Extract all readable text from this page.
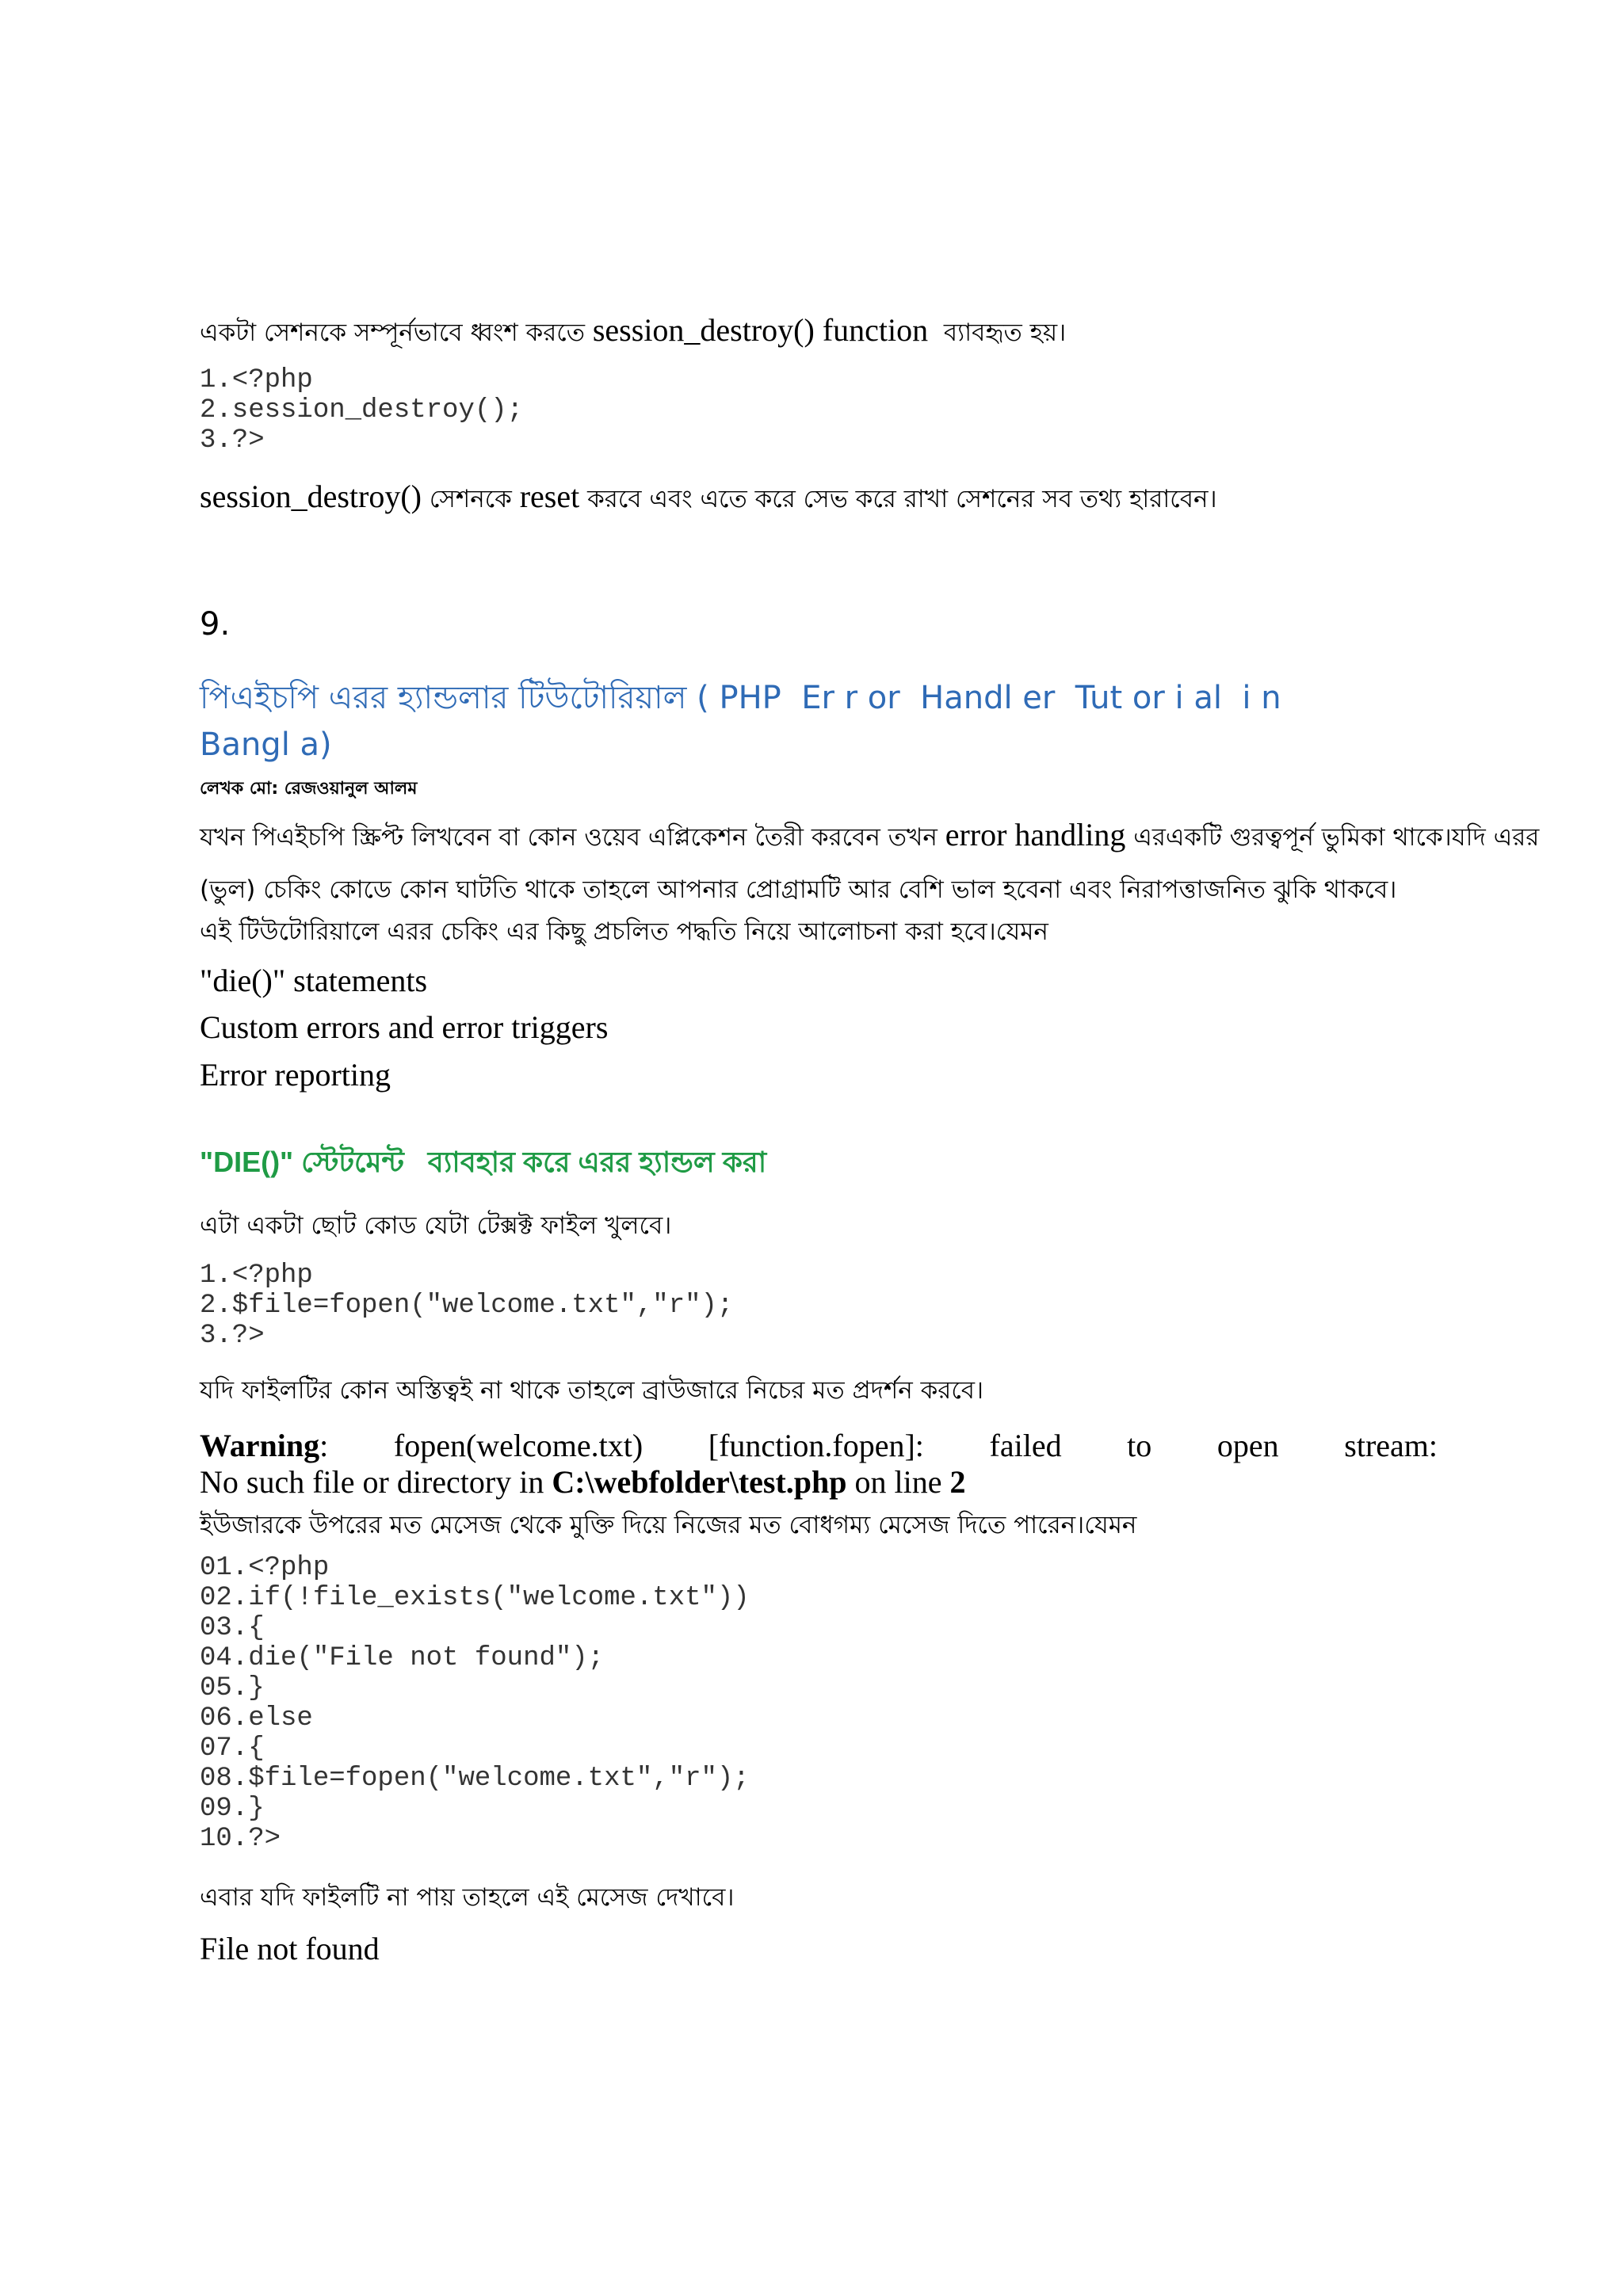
একটা সেশনকে সম্পূর্নভাবে ধ্বংশ করতে session_destroy() function  ব্যাবহৃত হয়।
1.<?php
2.session_destroy();
3.?>
session_destroy() সেশনকে reset করবে এবং এতে করে সেভ করে রাখা সেশনের সব তথ্য হারাবেন।
9.
পিএইচপি এরর হ্যান্ডলার টিউটোরিয়াল ( PHP  Er r or  Handl er  Tut or i al  i n
Bangl a)
লেখক মো: রেজওয়ানুল আলম
যখন পিএইচপি স্ক্রিপ্ট লিখবেন বা কোন ওয়েব এপ্লিকেশন তৈরী করবেন তখন error handling এরএকটি গুরত্বপূর্ন ভুমিকা থাকে।যদি এরর
(ভুল) চেকিং কোডে কোন ঘাটতি থাকে তাহলে আপনার প্রোগ্রামটি আর বেশি ভাল হবেনা এবং নিরাপত্তাজনিত ঝুকি থাকবে।
এই টিউটোরিয়ালে এরর চেকিং এর কিছু প্রচলিত পদ্ধতি নিয়ে আলোচনা করা হবে।যেমন
"die()" statements
Custom errors and error triggers
Error reporting
"DIE()" স্টেটমেন্ট   ব্যাবহার করে এরর হ্যান্ডল করা
এটা একটা ছোট কোড যেটা টেক্সক্ট ফাইল খুলবে।
1.<?php
2.$file=fopen("welcome.txt","r");
3.?>
যদি ফাইলটির কোন অস্তিত্বই না থাকে তাহলে ব্রাউজারে নিচের মত প্রদর্শন করবে।
Warning: fopen(welcome.txt) [function.fopen]: failed to open stream:
No such file or directory in C:\webfolder\test.php on line 2
ইউজারকে উপরের মত মেসেজ থেকে মুক্তি দিয়ে নিজের মত বোধগম্য মেসেজ দিতে পারেন।যেমন
01.<?php
02.if(!file_exists("welcome.txt"))
03.{
04.die("File not found");
05.}
06.else
07.{
08.$file=fopen("welcome.txt","r");
09.}
10.?>
এবার যদি ফাইলটি না পায় তাহলে এই মেসেজ দেখাবে।
File not found
